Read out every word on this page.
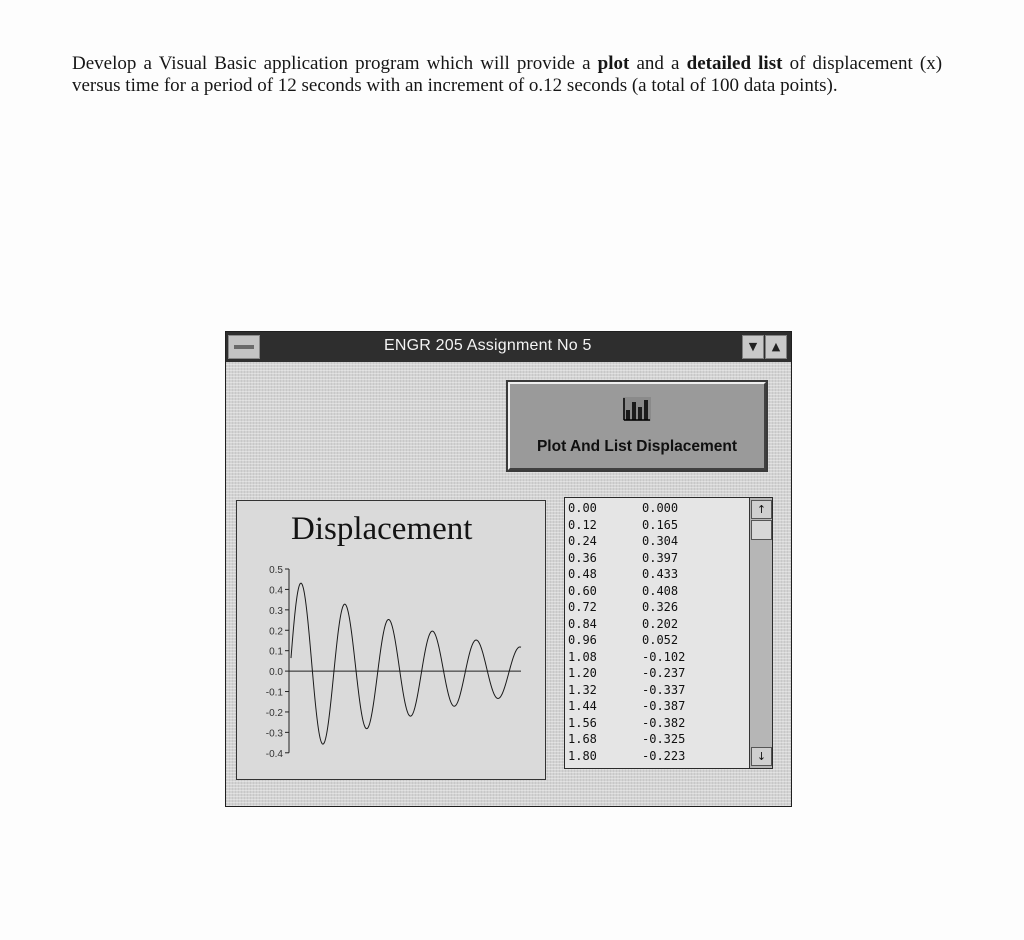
Develop a Visual Basic application program which will provide a plot and a detailed list of displacement (x) versus time for a period of 12 seconds with an increment of o.12 seconds (a total of 100 data points).
ENGR 205 Assignment No 5	▼	▲
Plot And List Displacement
Displacement
0.5
0.4
0.3
0.2
0.1
0.0
-0.1
-0.2
-0.3
-0.4
0.00	0.000
0.12	0.165
0.24	0.304
0.36	0.397
0.48	0.433
0.60	0.408
0.72	0.326
0.84	0.202
0.96	0.052
1.08	-0.102
1.20	-0.237
1.32	-0.337
1.44	-0.387
1.56	-0.382
1.68	-0.325
1.80	-0.223
↑
↓
